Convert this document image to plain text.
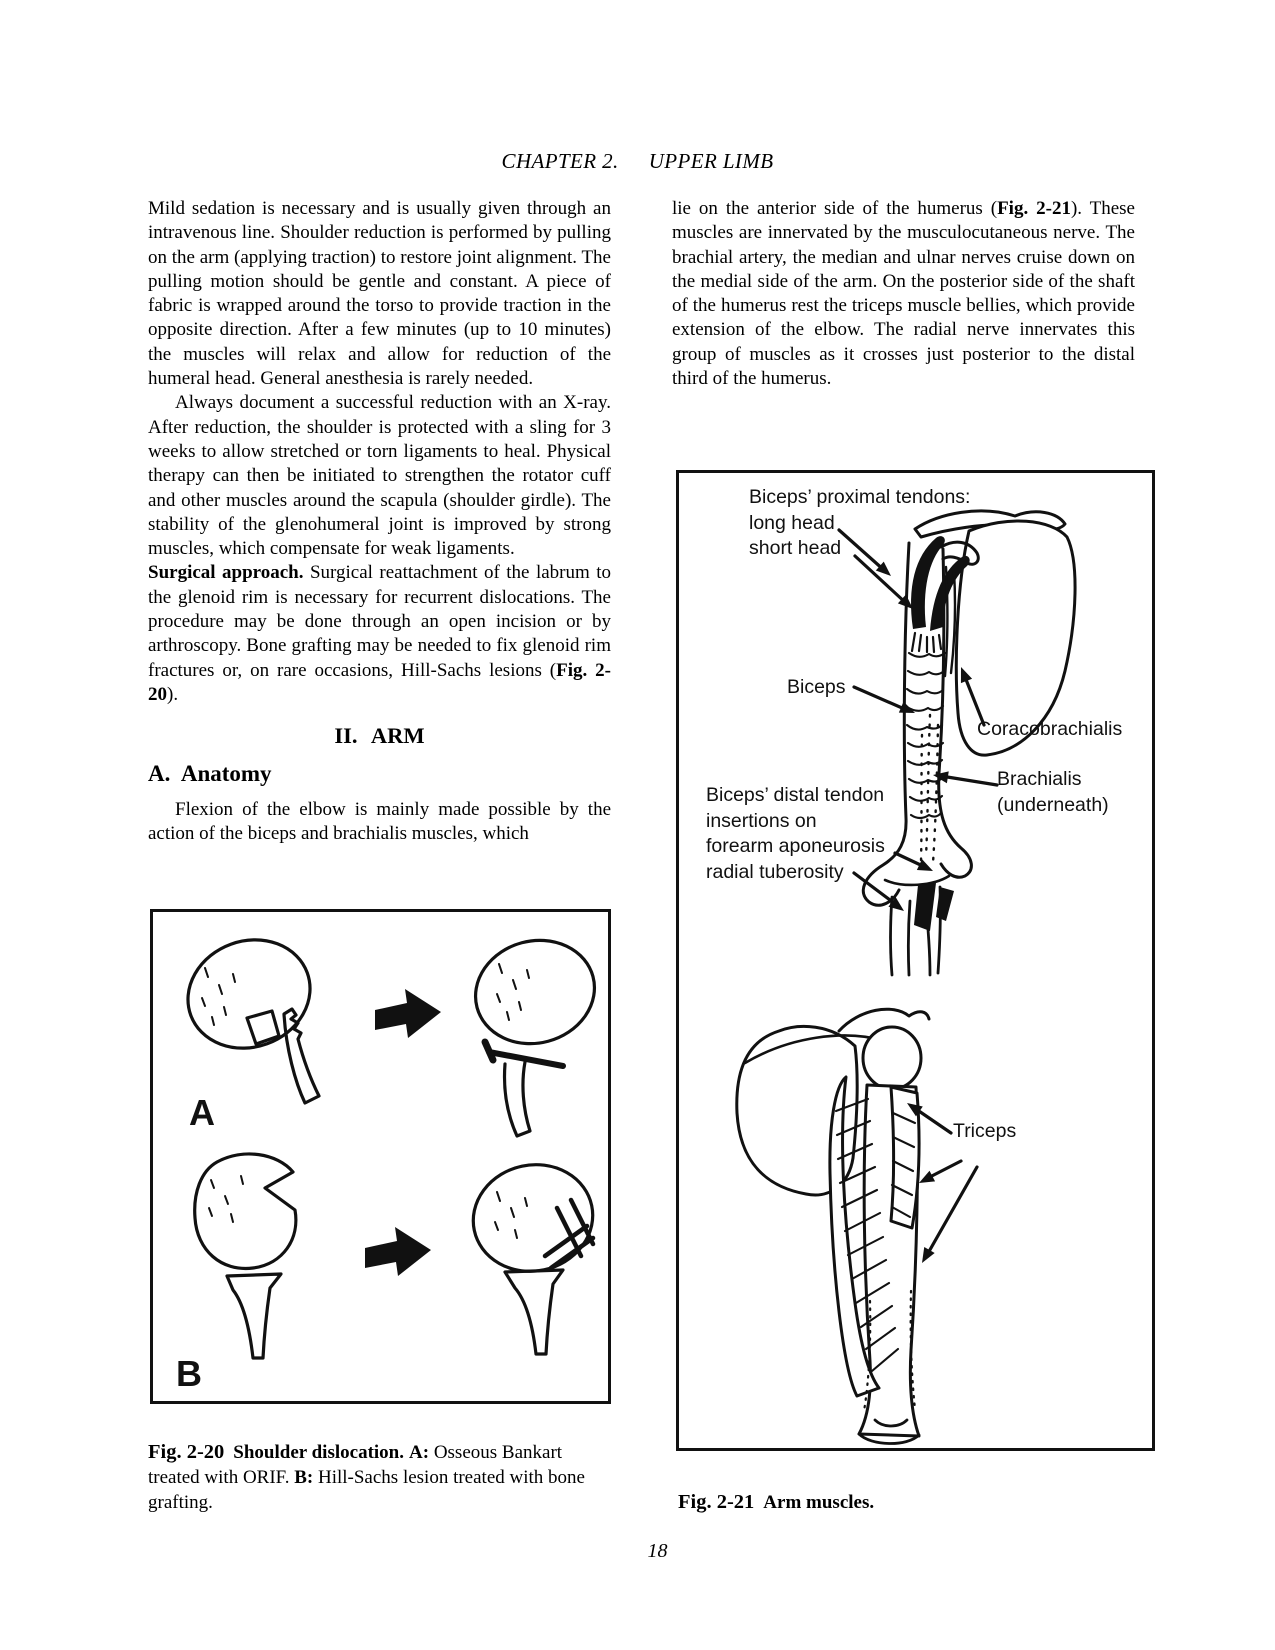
CHAPTER 2. UPPER LIMB

Mild sedation is necessary and is usually given through an intravenous line. Shoulder reduction is performed by pulling on the arm (applying traction) to restore joint alignment. The pulling motion should be gentle and constant. A piece of fabric is wrapped around the torso to provide traction in the opposite direction. After a few minutes (up to 10 minutes) the muscles will relax and allow for reduction of the humeral head. General anesthesia is rarely needed.

Always document a successful reduction with an X-ray. After reduction, the shoulder is protected with a sling for 3 weeks to allow stretched or torn ligaments to heal. Physical therapy can then be initiated to strengthen the rotator cuff and other muscles around the scapula (shoulder girdle). The stability of the glenohumeral joint is improved by strong muscles, which compensate for weak ligaments.

Surgical approach. Surgical reattachment of the labrum to the glenoid rim is necessary for recurrent dislocations. The procedure may be done through an open incision or by arthroscopy. Bone grafting may be needed to fix glenoid rim fractures or, on rare occasions, Hill-Sachs lesions (Fig. 2-20).

II. ARM
A. Anatomy

Flexion of the elbow is mainly made possible by the action of the biceps and brachialis muscles, which

lie on the anterior side of the humerus (Fig. 2-21). These muscles are innervated by the musculocutaneous nerve. The brachial artery, the median and ulnar nerves cruise down on the medial side of the arm. On the posterior side of the shaft of the humerus rest the triceps muscle bellies, which provide extension of the elbow. The radial nerve innervates this group of muscles as it crosses just posterior to the distal third of the humerus.

A
B

Fig. 2-20 Shoulder dislocation. A: Osseous Bankart treated with ORIF. B: Hill-Sachs lesion treated with bone grafting.

Biceps’ proximal tendons:
long head
short head
Biceps
Coracobrachialis
Brachialis
(underneath)
Biceps’ distal tendon
insertions on
forearm aponeurosis
radial tuberosity
Triceps

Fig. 2-21 Arm muscles.

18
